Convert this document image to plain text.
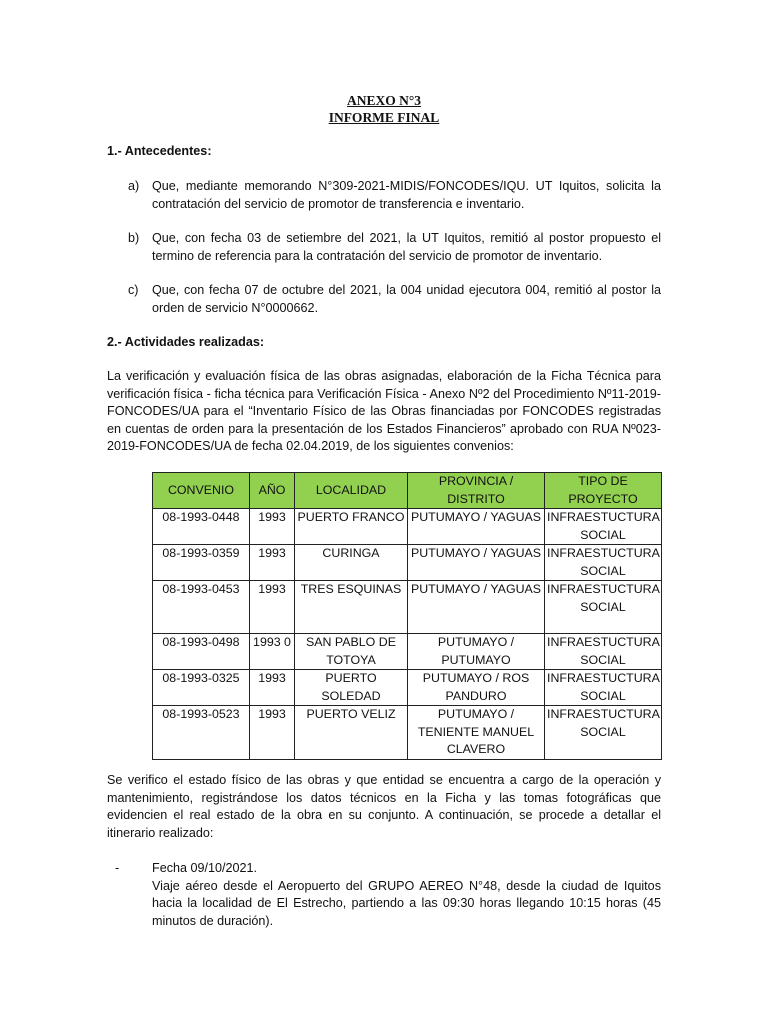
ANEXO N°3
INFORME FINAL
1.- Antecedentes:
a)	Que, mediante memorando N°309-2021-MIDIS/FONCODES/IQU. UT Iquitos, solicita la contratación del servicio de promotor de transferencia e inventario.
b)	Que, con fecha 03 de setiembre del 2021, la UT Iquitos, remitió al postor propuesto el termino de referencia para la contratación del servicio de promotor de inventario.
c)	Que, con fecha 07 de octubre del 2021, la 004 unidad ejecutora 004, remitió al postor la orden de servicio N°0000662.
2.- Actividades realizadas:
La verificación y evaluación física de las obras asignadas, elaboración de la Ficha Técnica para verificación física - ficha técnica para Verificación Física - Anexo Nº2 del Procedimiento Nº11-2019-FONCODES/UA para el “Inventario Físico de las Obras financiadas por FONCODES registradas en cuentas de orden para la presentación de los Estados Financieros” aprobado con RUA Nº023-2019-FONCODES/UA de fecha 02.04.2019, de los siguientes convenios:
CONVENIO	AÑO	LOCALIDAD	PROVINCIA / DISTRITO	TIPO DE PROYECTO
08-1993-0448	1993	PUERTO FRANCO	PUTUMAYO / YAGUAS	INFRAESTUCTURA SOCIAL
08-1993-0359	1993	CURINGA	PUTUMAYO / YAGUAS	INFRAESTUCTURA SOCIAL
08-1993-0453	1993	TRES ESQUINAS	PUTUMAYO / YAGUAS	INFRAESTUCTURA SOCIAL
08-1993-0498	1993 0	SAN PABLO DE TOTOYA	PUTUMAYO / PUTUMAYO	INFRAESTUCTURA SOCIAL
08-1993-0325	1993	PUERTO SOLEDAD	PUTUMAYO / ROS PANDURO	INFRAESTUCTURA SOCIAL
08-1993-0523	1993	PUERTO VELIZ	PUTUMAYO / TENIENTE MANUEL CLAVERO	INFRAESTUCTURA SOCIAL
Se verifico el estado físico de las obras y que entidad se encuentra a cargo de la operación y mantenimiento, registrándose los datos técnicos en la Ficha y las tomas fotográficas que evidencien el real estado de la obra en su conjunto. A continuación, se procede a detallar el itinerario realizado:
-	Fecha 09/10/2021.
Viaje aéreo desde el Aeropuerto del GRUPO AEREO N°48, desde la ciudad de Iquitos hacia la localidad de El Estrecho, partiendo a las 09:30 horas llegando 10:15 horas (45 minutos de duración).
